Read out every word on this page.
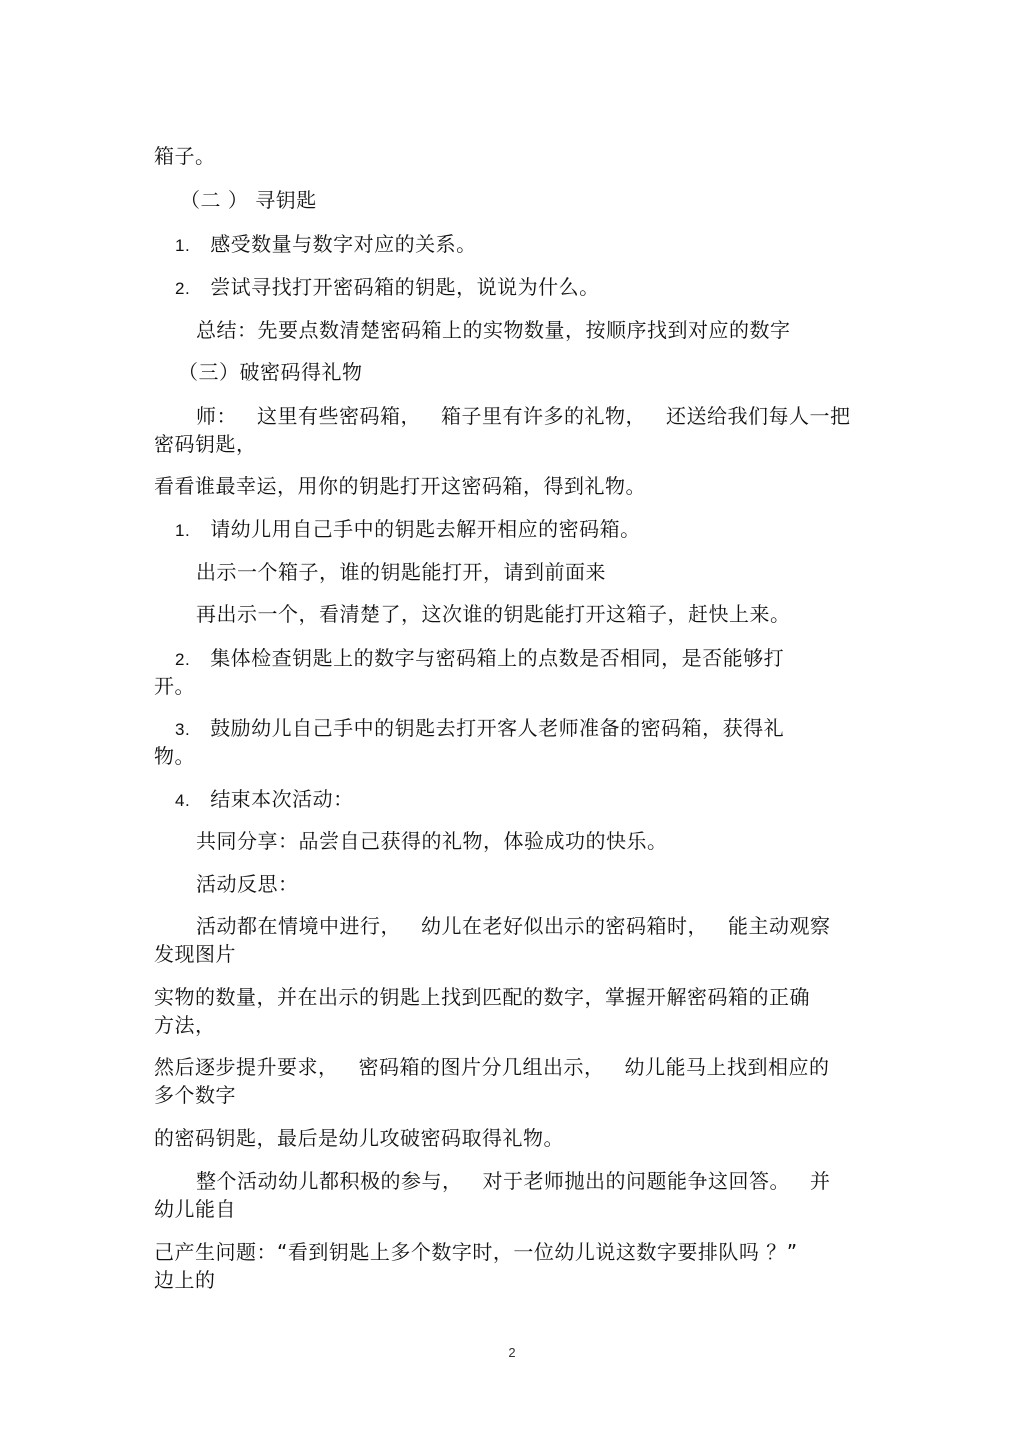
箱子。
（二 ） 寻钥匙
1. 感受数量与数字对应的关系。
2. 尝试寻找打开密码箱的钥匙，说说为什么。
总结：先要点数清楚密码箱上的实物数量，按顺序找到对应的数字
（三）破密码得礼物
师： 这里有些密码箱， 箱子里有许多的礼物， 还送给我们每人一把
密码钥匙，
看看谁最幸运，用你的钥匙打开这密码箱，得到礼物。
1. 请幼儿用自己手中的钥匙去解开相应的密码箱。
出示一个箱子，谁的钥匙能打开，请到前面来
再出示一个，看清楚了，这次谁的钥匙能打开这箱子，赶快上来。
2. 集体检查钥匙上的数字与密码箱上的点数是否相同，是否能够打
开。
3. 鼓励幼儿自己手中的钥匙去打开客人老师准备的密码箱，获得礼
物。
4. 结束本次活动：
共同分享：品尝自己获得的礼物，体验成功的快乐。
活动反思：
活动都在情境中进行， 幼儿在老好似出示的密码箱时， 能主动观察
发现图片
实物的数量，并在出示的钥匙上找到匹配的数字，掌握开解密码箱的正确
方法，
然后逐步提升要求， 密码箱的图片分几组出示， 幼儿能马上找到相应的
多个数字
的密码钥匙，最后是幼儿攻破密码取得礼物。
整个活动幼儿都积极的参与， 对于老师抛出的问题能争这回答。 并
幼儿能自
己产生问题：“看到钥匙上多个数字时，一位幼儿说这数字要排队吗 ？”
边上的
2
